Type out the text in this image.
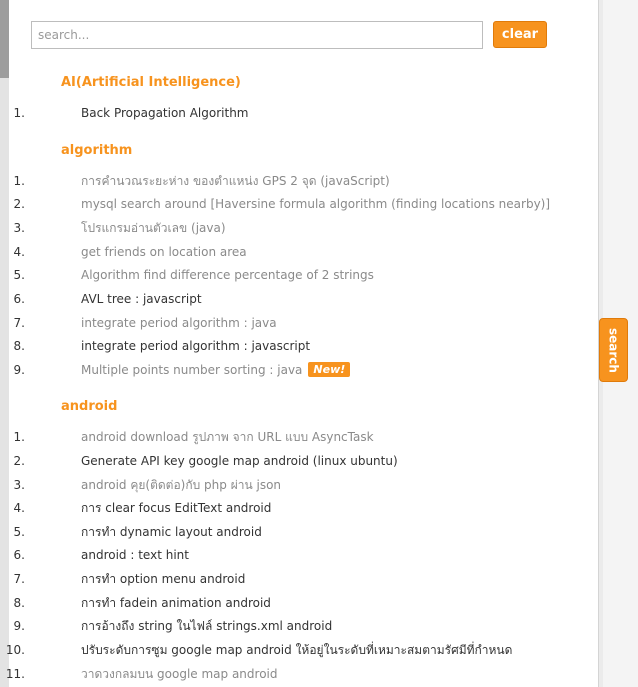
search
search...
clear
AI(Artificial Intelligence)
1.	Back Propagation Algorithm
algorithm
1.	การคำนวณระยะห่าง ของตำแหน่ง GPS 2 จุด (javaScript)
2.	mysql search around [Haversine formula algorithm (finding locations nearby)]
3.	โปรแกรมอ่านตัวเลข (java)
4.	get friends on location area
5.	Algorithm find difference percentage of 2 strings
6.	AVL tree : javascript
7.	integrate period algorithm : java
8.	integrate period algorithm : javascript
9.	Multiple points number sorting : java New!
android
1.	android download รูปภาพ จาก URL แบบ AsyncTask
2.	Generate API key google map android (linux ubuntu)
3.	android คุย(ติดต่อ)กับ php ผ่าน json
4.	การ clear focus EditText android
5.	การทำ dynamic layout android
6.	android : text hint
7.	การทำ option menu android
8.	การทำ fadein animation android
9.	การอ้างถึง string ในไฟล์ strings.xml android
10.	ปรับระดับการซูม google map android ให้อยู่ในระดับที่เหมาะสมตามรัศมีที่กำหนด
11.	วาดวงกลมบน google map android
